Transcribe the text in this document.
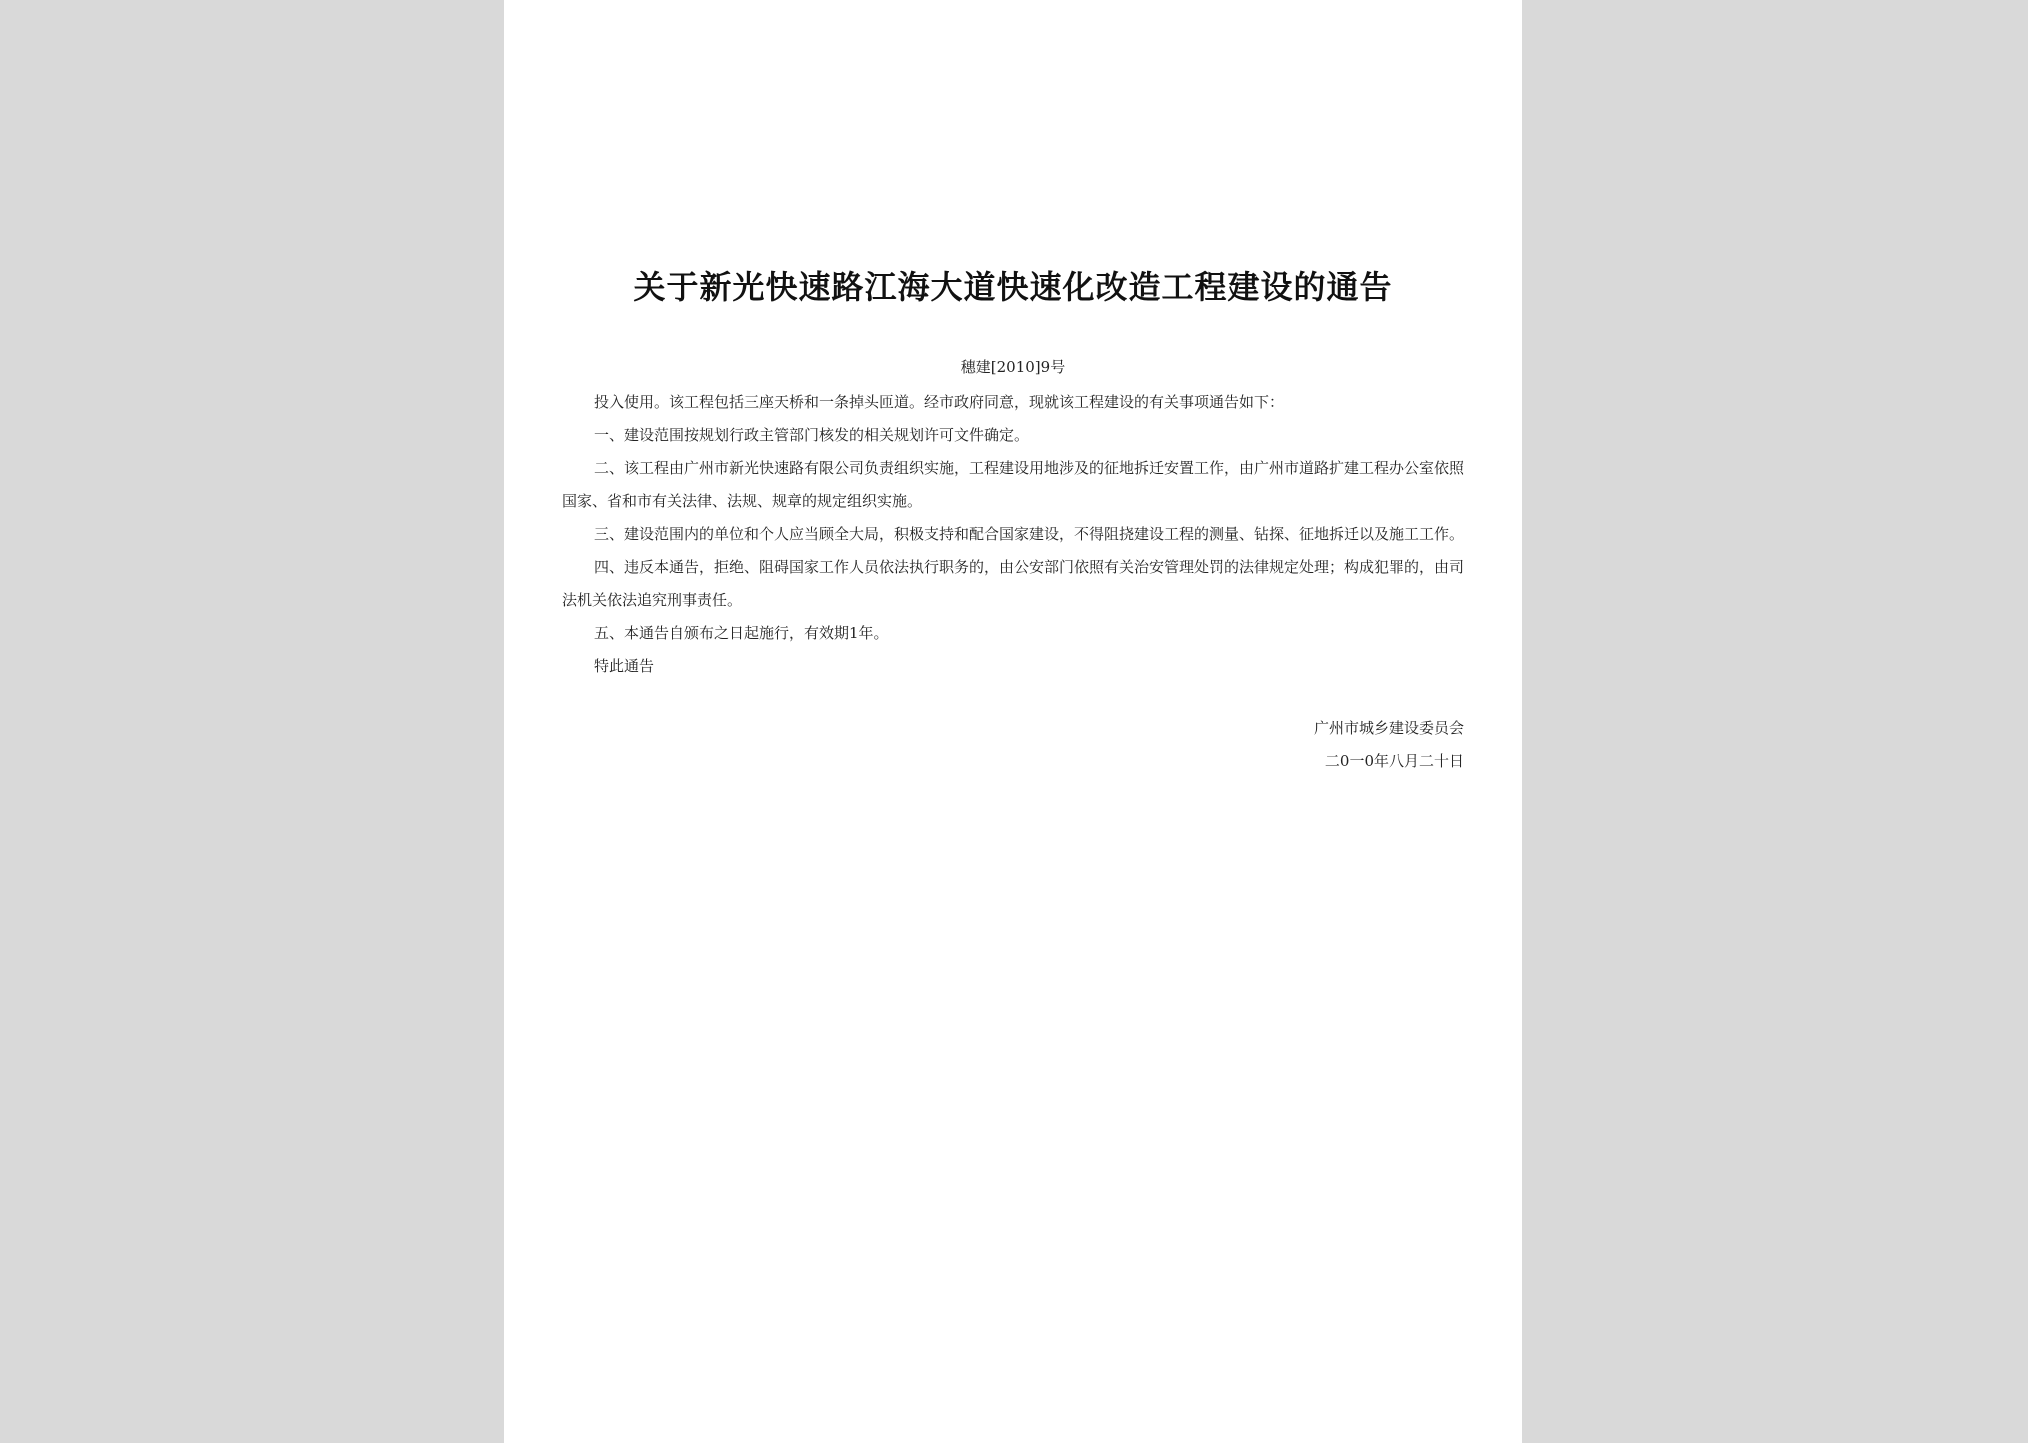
关于新光快速路江海大道快速化改造工程建设的通告
穗建[2010]9号

投入使用。该工程包括三座天桥和一条掉头匝道。经市政府同意，现就该工程建设的有关事项通告如下：

一、建设范围按规划行政主管部门核发的相关规划许可文件确定。

二、该工程由广州市新光快速路有限公司负责组织实施，工程建设用地涉及的征地拆迁安置工作，由广州市道路扩建工程办公室依照国家、省和市有关法律、法规、规章的规定组织实施。

三、建设范围内的单位和个人应当顾全大局，积极支持和配合国家建设，不得阻挠建设工程的测量、钻探、征地拆迁以及施工工作。

四、违反本通告，拒绝、阻碍国家工作人员依法执行职务的，由公安部门依照有关治安管理处罚的法律规定处理；构成犯罪的，由司法机关依法追究刑事责任。

五、本通告自颁布之日起施行，有效期1年。

特此通告

广州市城乡建设委员会
二0一0年八月二十日
